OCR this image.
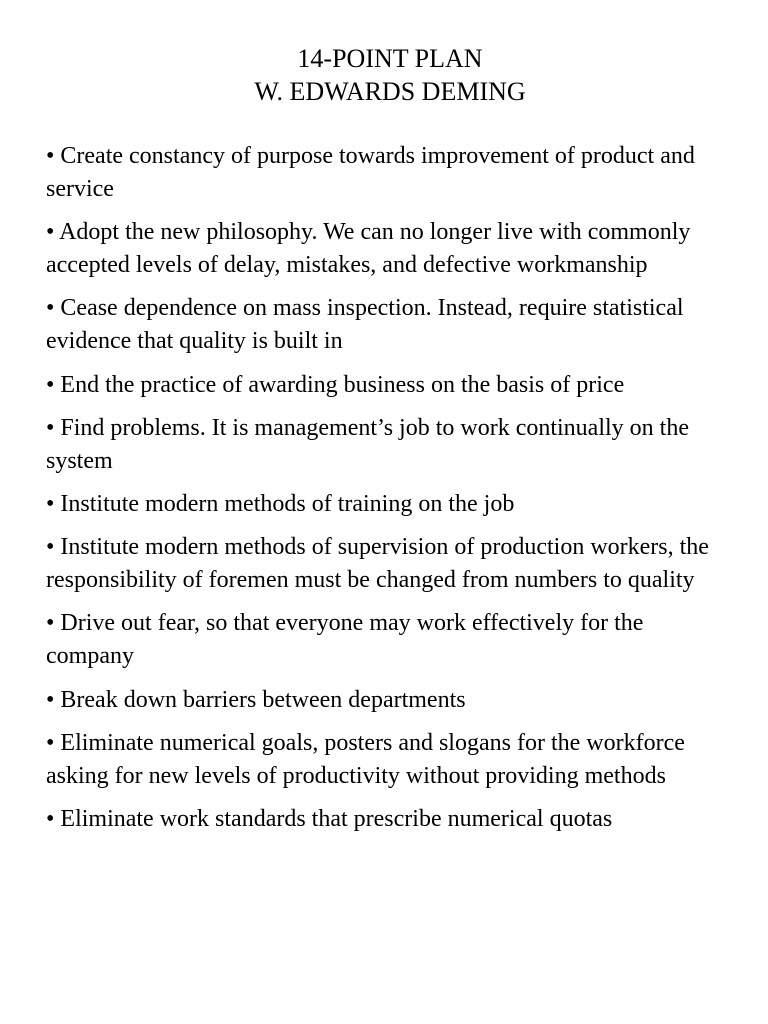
14-POINT PLAN
W. EDWARDS DEMING
• Create constancy of purpose towards improvement of product and service
• Adopt the new philosophy. We can no longer live with commonly accepted levels of delay, mistakes, and defective workmanship
• Cease dependence on mass inspection. Instead, require statistical evidence that quality is built in
• End the practice of awarding business on the basis of price
• Find problems. It is management’s job to work continually on the system
• Institute modern methods of training on the job
• Institute modern methods of supervision of production workers, the responsibility of foremen must be changed from numbers to quality
• Drive out fear, so that everyone may work effectively for the company
• Break down barriers between departments
• Eliminate numerical goals, posters and slogans for the workforce asking for new levels of productivity without providing methods
• Eliminate work standards that prescribe numerical quotas
